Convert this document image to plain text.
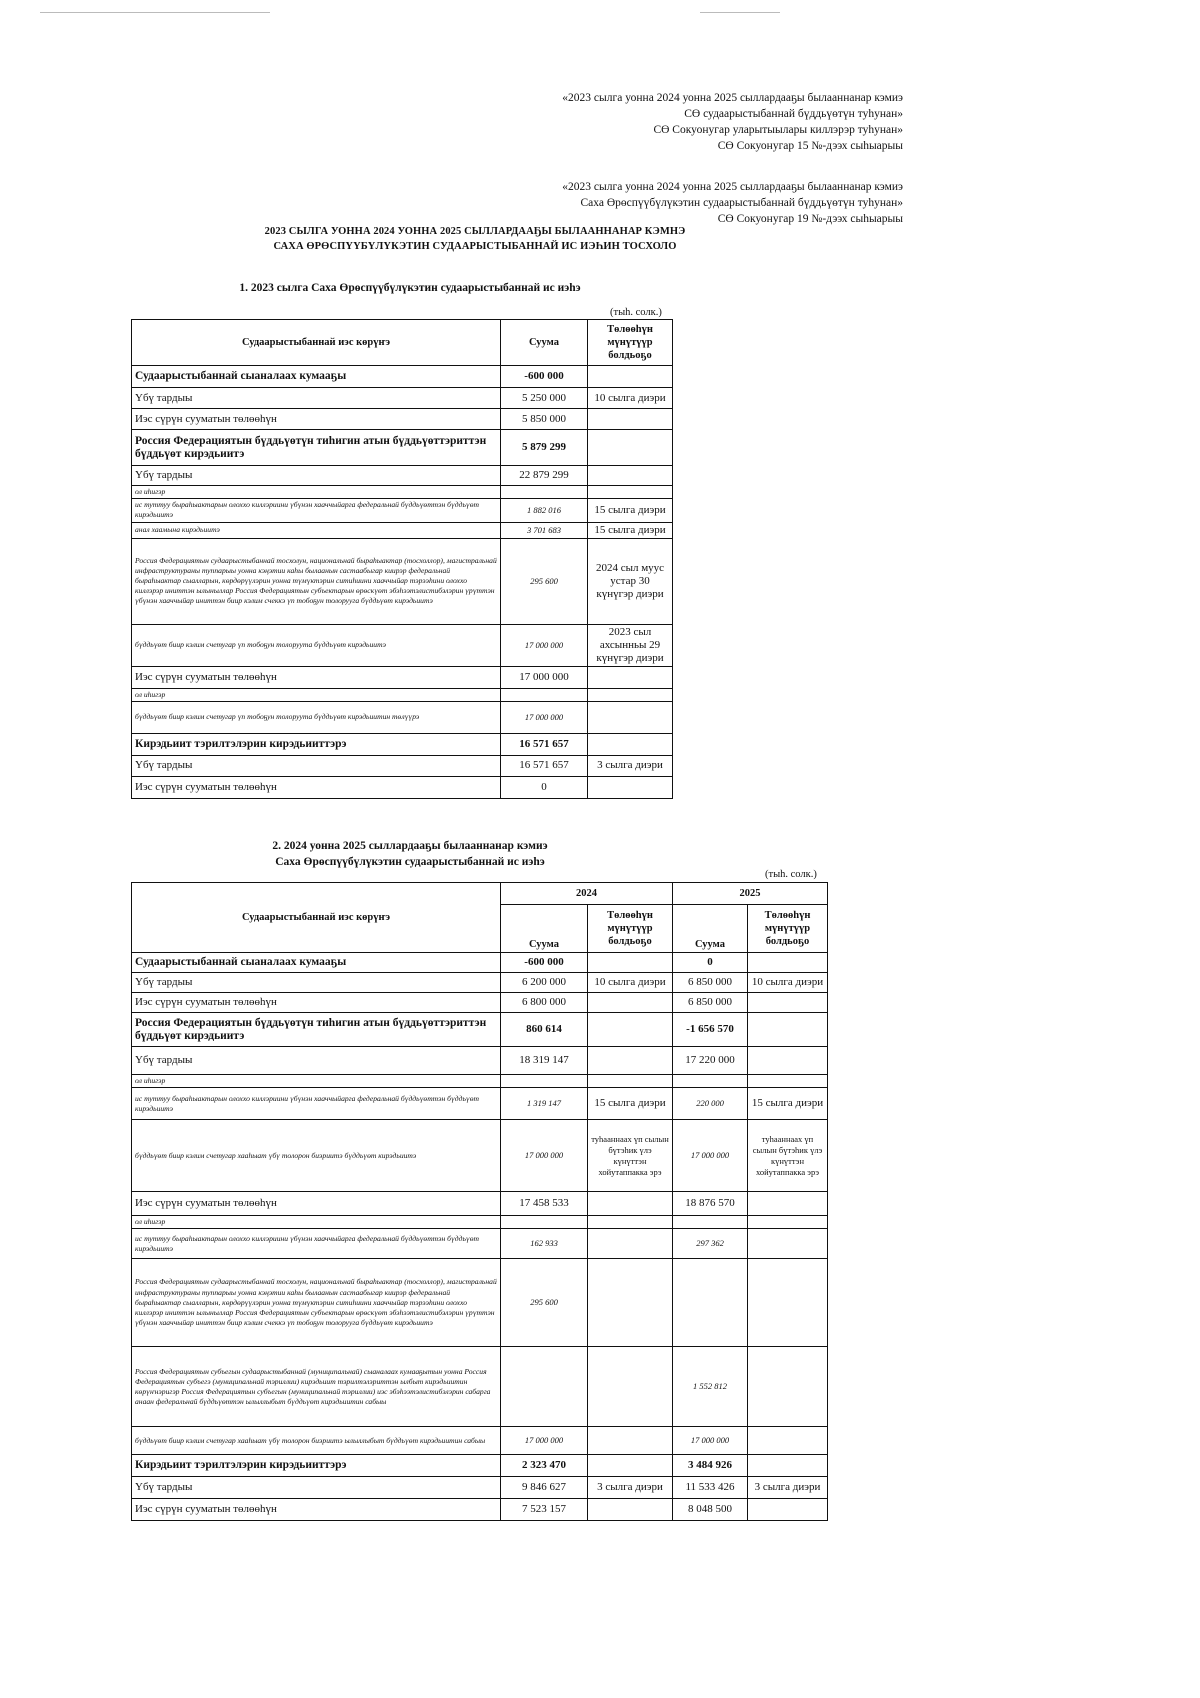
«2023 сылга уонна 2024 уонна 2025 сыллардааҕы былааннанар кэмиэ
СӨ судаарыстыбаннай бүддьүөтүн туһунан»
СӨ Сокуонугар уларытыылары киллэрэр туһунан»
СӨ Сокуонугар 15 №-дээх сыһыарыы
«2023 сылга уонна 2024 уонна 2025 сыллардааҕы былааннанар кэмиэ
Саха Өрөспүүбүлүкэтин судаарыстыбаннай бүддьүөтүн туһунан»
СӨ Сокуонугар 19 №-дээх сыһыарыы
2023 СЫЛГА УОННА 2024 УОННА 2025 СЫЛЛАРДААҔЫ БЫЛААННАНАР КЭМНЭ
САХА ӨРӨСПҮҮБҮЛҮКЭТИН СУДААРЫСТЫБАННАЙ ИС ИЭҺИН ТОСХОЛО
1. 2023 сылга Саха Өрөспүүбүлүкэтин судаарыстыбаннай ис иэһэ
(тыһ. солк.)
Судаарыстыбаннай иэс көрүҥэ	Суума	Төлөөһүн мүнүтүүр болдьоҕо
Судаарыстыбаннай сыаналаах кумааҕы	-600 000	
Үбү тардыы	5 250 000	10 сылга диэри
Иэс сүрүн сууматын төлөөһүн	5 850 000	
Россия Федерациятын бүддьүөтүн тиһигин атын бүддьүөттэриттэн бүддьүөт кирэдьиитэ	5 879 299	
Үбү тардыы	22 879 299	
ол иһигэр		
ис туттуу быраһыактарын олоххо киллэриини үбүнэн хааччыйарга федеральнай бүддьүөттэн бүддьүөт кирэдьиитэ	1 882 016	15 сылга диэри
анал хаамына кирэдьиитэ	3 701 683	15 сылга диэри
Россия Федерациятын судаарыстыбаннай тосхолун, национальнай быраһыактар (тосхоллор), магистральнай инфраструктураны туппарыы уонна кэңэтии каһы былаанын састаабыгар киирэр федеральнай быраһыактар сыалларын, көрдөрүүлэрин уонна түмүктэрин ситиһиини хааччыйар тэрээһини олоххо киллэрэр иниттэн ылыныллар Россия Федерациятын субъектарын өрөскүөт эбэһээтэлистибэлэрин үрүттэн үбүнэн хааччыйар иниттэн биир кэлим счеккэ үп тобоҕун толорууга бүддьүөт кирэдьиитэ	295 600	2024 сыл муус устар 30 күнүгэр диэри
бүддьүөт биир кэлим счетугар үп тобоҕун толоруута бүддьүөт кирэдьиитэ	17 000 000	2023 сыл ахсынньы 29 күнүгэр диэри
Иэс сүрүн сууматын төлөөһүн	17 000 000	
ол иһигэр		
бүддьүөт биир кэлим счетугар үп тобоҕун толоруута бүддьүөт кирэдьиитин төлүүрэ	17 000 000	
Кирэдьиит тэрилтэлэрин кирэдьииттэрэ	16 571 657	
Үбү тардыы	16 571 657	3 сылга диэри
Иэс сүрүн сууматын төлөөһүн	0	
2. 2024 уонна 2025 сыллардааҕы былааннанар кэмиэ
Саха Өрөспүүбүлүкэтин судаарыстыбаннай ис иэһэ
(тыһ. солк.)
Судаарыстыбаннай иэс көрүҥэ	2024		2025	
	Суума	Төлөөһүн мүнүтүүр болдьоҕо	Суума	Төлөөһүн мүнүтүүр болдьоҕо
Судаарыстыбаннай сыаналаах кумааҕы	-600 000		0	
Үбү тардыы	6 200 000	10 сылга диэри	6 850 000	10 сылга диэри
Иэс сүрүн сууматын төлөөһүн	6 800 000		6 850 000	
Россия Федерациятын бүддьүөтүн тиһигин атын бүддьүөттэриттэн бүддьүөт кирэдьиитэ	860 614		-1 656 570	
Үбү тардыы	18 319 147		17 220 000	
ол иһигэр				
ис туттуу быраһыактарын олоххо киллэриини үбүнэн хааччыйарга федеральнай бүддьүөттэн бүддьүөт кирэдьиитэ	1 319 147	15 сылга диэри	220 000	15 сылга диэри
бүддьүөт биир кэлим счетугар хааһыат үбү толорон биэриитэ бүддьүөт кирэдьиитэ	17 000 000	туһааннаах үп сылын бүтэһик үлэ күнүттэн хойутаппакка эрэ	17 000 000	туһааннаах үп сылын бүтэһик үлэ күнүттэн хойутаппакка эрэ
Иэс сүрүн сууматын төлөөһүн	17 458 533		18 876 570	
ол иһигэр				
ис туттуу быраһыактарын олоххо киллэриини үбүнэн хааччыйарга федеральнай бүддьүөттэн бүддьүөт кирэдьиитэ	162 933		297 362	
Россия Федерациятын судаарыстыбаннай тосхолун, национальнай быраһыактар (тосхоллор), магистральнай инфраструктураны туппарыы уонна кэңэтии каһы былаанын састаабыгар киирэр федеральнай быраһыактар сыалларын, көрдөрүүлэрин уонна түмүктэрин ситиһиини хааччыйар тэрээһини олоххо киллэрэр иниттэн ылыныллар Россия Федерациятын субъектарын өрөскүөт эбэһээтэлистибэлэрин үрүттэн үбүнэн хааччыйар иниттэн биир кэлим счеккэ үп тобоҕун толорууга бүддьүөт кирэдьиитэ	295 600			
Россия Федерациятын субъегын судаарыстыбаннай (муниципальнай) сыаналаах кумааҕытын уонна Россия Федерациятын субъегэ (муниципальнай тэриллии) кирэдьиит тэрилтэлэриттэн ылбыт кирэдьиитин көрүҥнэригэр Россия Федерациятын субъегын (муниципальнай тэриллии) иэс эбэһээтэлистибэлэрин сабарга анаан федеральнай бүддьүөттэн ылыллыбыт бүддьүөт кирэдьиитин сабыы			1 552 812	
бүддьүөт биир кэлим счетугар хааһыат үбү толорон биэриитэ ылыллыбыт бүддьүөт кирэдьиитин сабыы	17 000 000		17 000 000	
Кирэдьиит тэрилтэлэрин кирэдьииттэрэ	2 323 470		3 484 926	
Үбү тардыы	9 846 627	3 сылга диэри	11 533 426	3 сылга диэри
Иэс сүрүн сууматын төлөөһүн	7 523 157		8 048 500	
